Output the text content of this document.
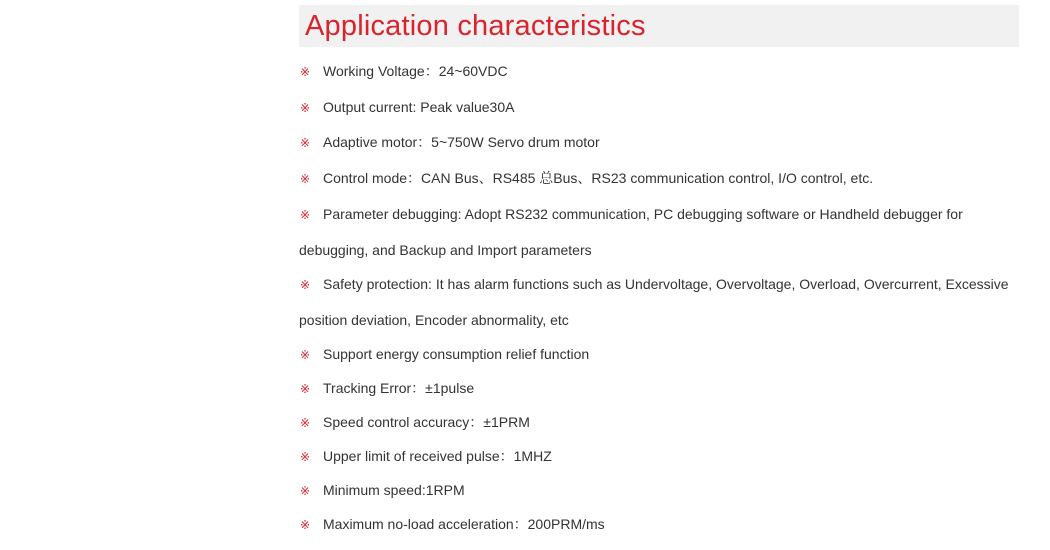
Application characteristics
※ Working Voltage：24~60VDC
※ Output current: Peak value30A
※ Adaptive motor：5~750W Servo drum motor
※ Control mode：CAN Bus、RS485 总Bus、RS23 communication control, I/O control, etc.
※ Parameter debugging: Adopt RS232 communication, PC debugging software or Handheld debugger for debugging, and Backup and Import parameters
※ Safety protection: It has alarm functions such as Undervoltage, Overvoltage, Overload, Overcurrent, Excessive position deviation, Encoder abnormality, etc
※ Support energy consumption relief function
※ Tracking Error：±1pulse
※ Speed control accuracy：±1PRM
※ Upper limit of received pulse：1MHZ
※ Minimum speed:1RPM
※ Maximum no-load acceleration：200PRM/ms
